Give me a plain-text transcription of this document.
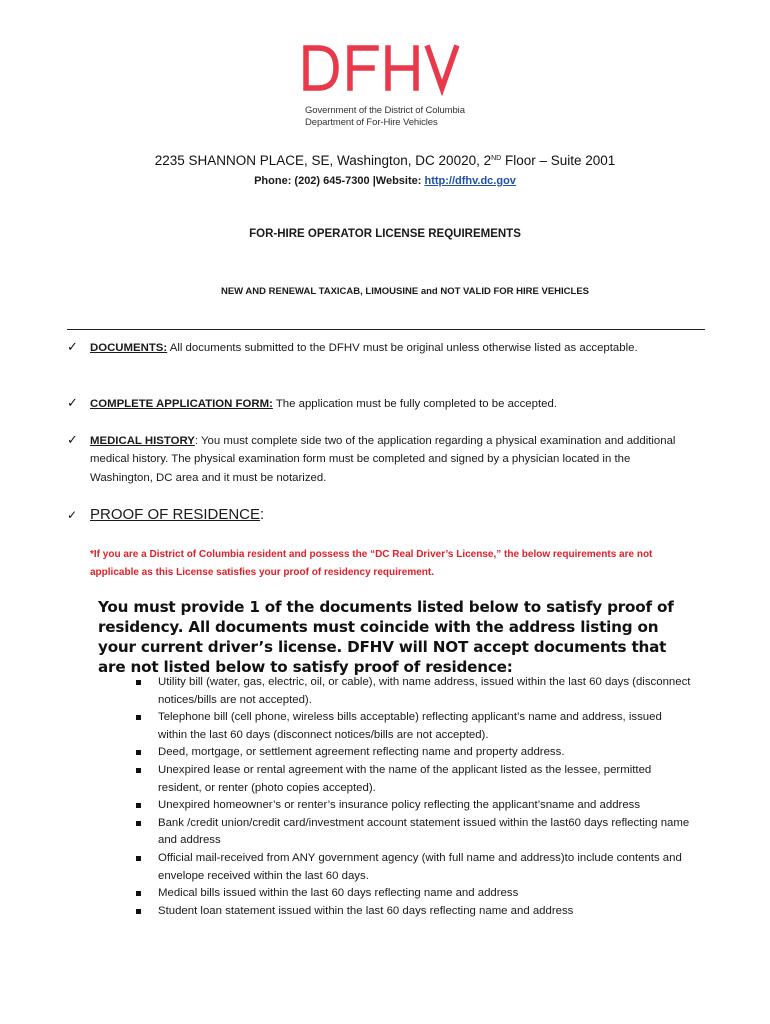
Government of the District of Columbia
Department of For-Hire Vehicles
2235 SHANNON PLACE, SE, Washington, DC 20020, 2ND Floor – Suite 2001
Phone: (202) 645-7300 |Website: http://dfhv.dc.gov
FOR-HIRE OPERATOR LICENSE REQUIREMENTS
NEW AND RENEWAL TAXICAB, LIMOUSINE and NOT VALID FOR HIRE VEHICLES
✓ DOCUMENTS: All documents submitted to the DFHV must be original unless otherwise listed as acceptable.
✓ COMPLETE APPLICATION FORM: The application must be fully completed to be accepted.
✓ MEDICAL HISTORY: You must complete side two of the application regarding a physical examination and additional medical history. The physical examination form must be completed and signed by a physician located in the Washington, DC area and it must be notarized.
✓ PROOF OF RESIDENCE:
*If you are a District of Columbia resident and possess the “DC Real Driver’s License,” the below requirements are not applicable as this License satisfies your proof of residency requirement.
You must provide 1 of the documents listed below to satisfy proof of residency. All documents must coincide with the address listing on your current driver’s license. DFHV will NOT accept documents that are not listed below to satisfy proof of residence:
Utility bill (water, gas, electric, oil, or cable), with name address, issued within the last 60 days (disconnect notices/bills are not accepted).
Telephone bill (cell phone, wireless bills acceptable) reflecting applicant’s name and address, issued within the last 60 days (disconnect notices/bills are not accepted).
Deed, mortgage, or settlement agreement reflecting name and property address.
Unexpired lease or rental agreement with the name of the applicant listed as the lessee, permitted resident, or renter (photo copies accepted).
Unexpired homeowner’s or renter’s insurance policy reflecting the applicant’sname and address
Bank /credit union/credit card/investment account statement issued within the last60 days reflecting name and address
Official mail-received from ANY government agency (with full name and address)to include contents and envelope received within the last 60 days.
Medical bills issued within the last 60 days reflecting name and address
Student loan statement issued within the last 60 days reflecting name and address
